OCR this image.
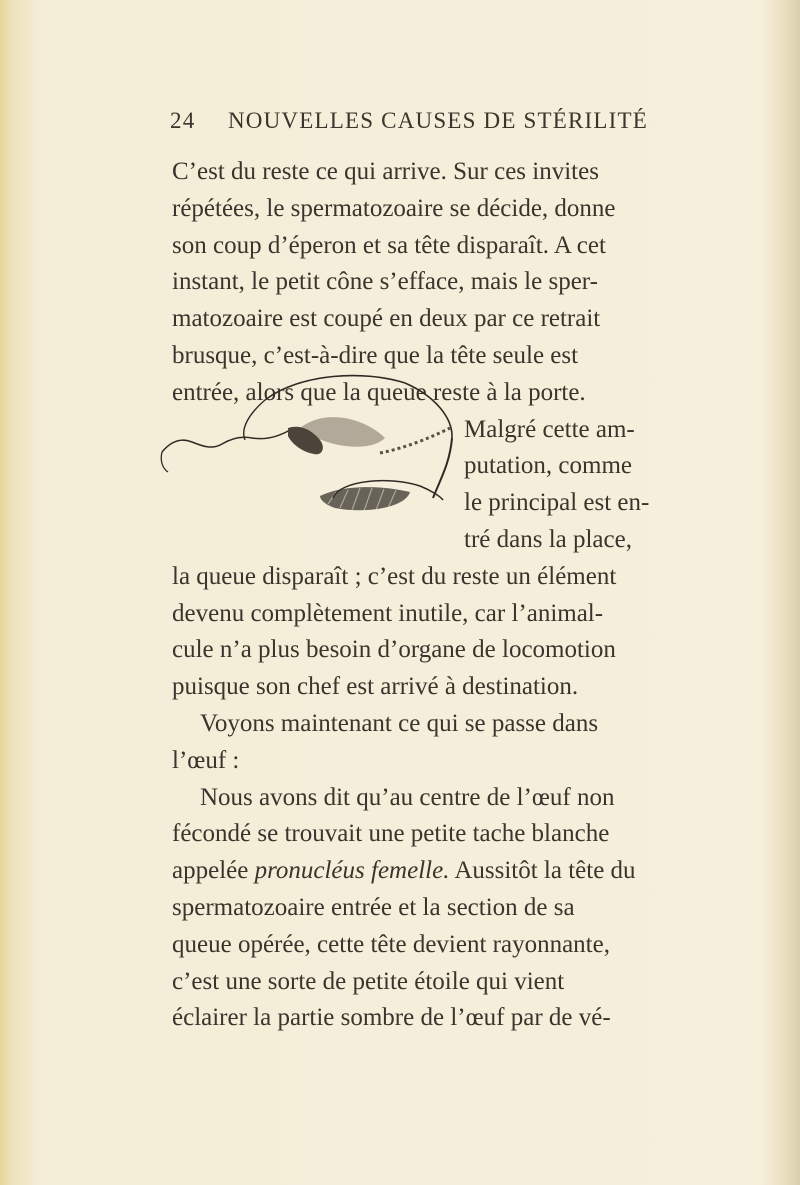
24 NOUVELLES CAUSES DE STÉRILITÉ
C’est du reste ce qui arrive. Sur ces invites
répétées, le spermatozoaire se décide, donne
son coup d’éperon et sa tête disparaît. A cet
instant, le petit cône s’efface, mais le sper-
matozoaire est coupé en deux par ce retrait
brusque, c’est-à-dire que la tête seule est
entrée, alors que la queue reste à la porte.
Malgré cette am-
putation, comme
le principal est en-
tré dans la place,
la queue disparaît ; c’est du reste un élément
devenu complètement inutile, car l’animal-
cule n’a plus besoin d’organe de locomotion
puisque son chef est arrivé à destination.
Voyons maintenant ce qui se passe dans
l’œuf :
Nous avons dit qu’au centre de l’œuf non
fécondé se trouvait une petite tache blanche
appelée pronucléus femelle. Aussitôt la tête du
spermatozoaire entrée et la section de sa
queue opérée, cette tête devient rayonnante,
c’est une sorte de petite étoile qui vient
éclairer la partie sombre de l’œuf par de vé-
